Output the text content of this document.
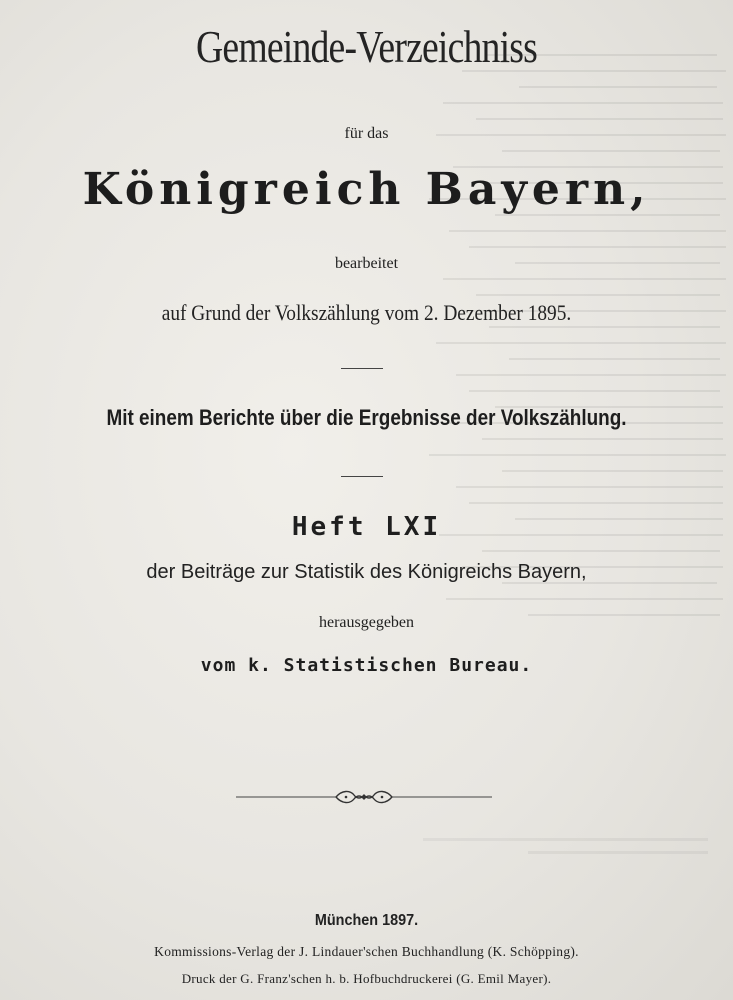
Gemeinde-Verzeichniss
für das
Königreich Bayern,
bearbeitet
auf Grund der Volkszählung vom 2. Dezember 1895.
Mit einem Berichte über die Ergebnisse der Volkszählung.
Heft LXI
der Beiträge zur Statistik des Königreichs Bayern,
herausgegeben
vom k. Statistischen Bureau.
München 1897.
Kommissions-Verlag der J. Lindauer'schen Buchhandlung (K. Schöpping).
Druck der G. Franz'schen h. b. Hofbuchdruckerei (G. Emil Mayer).
